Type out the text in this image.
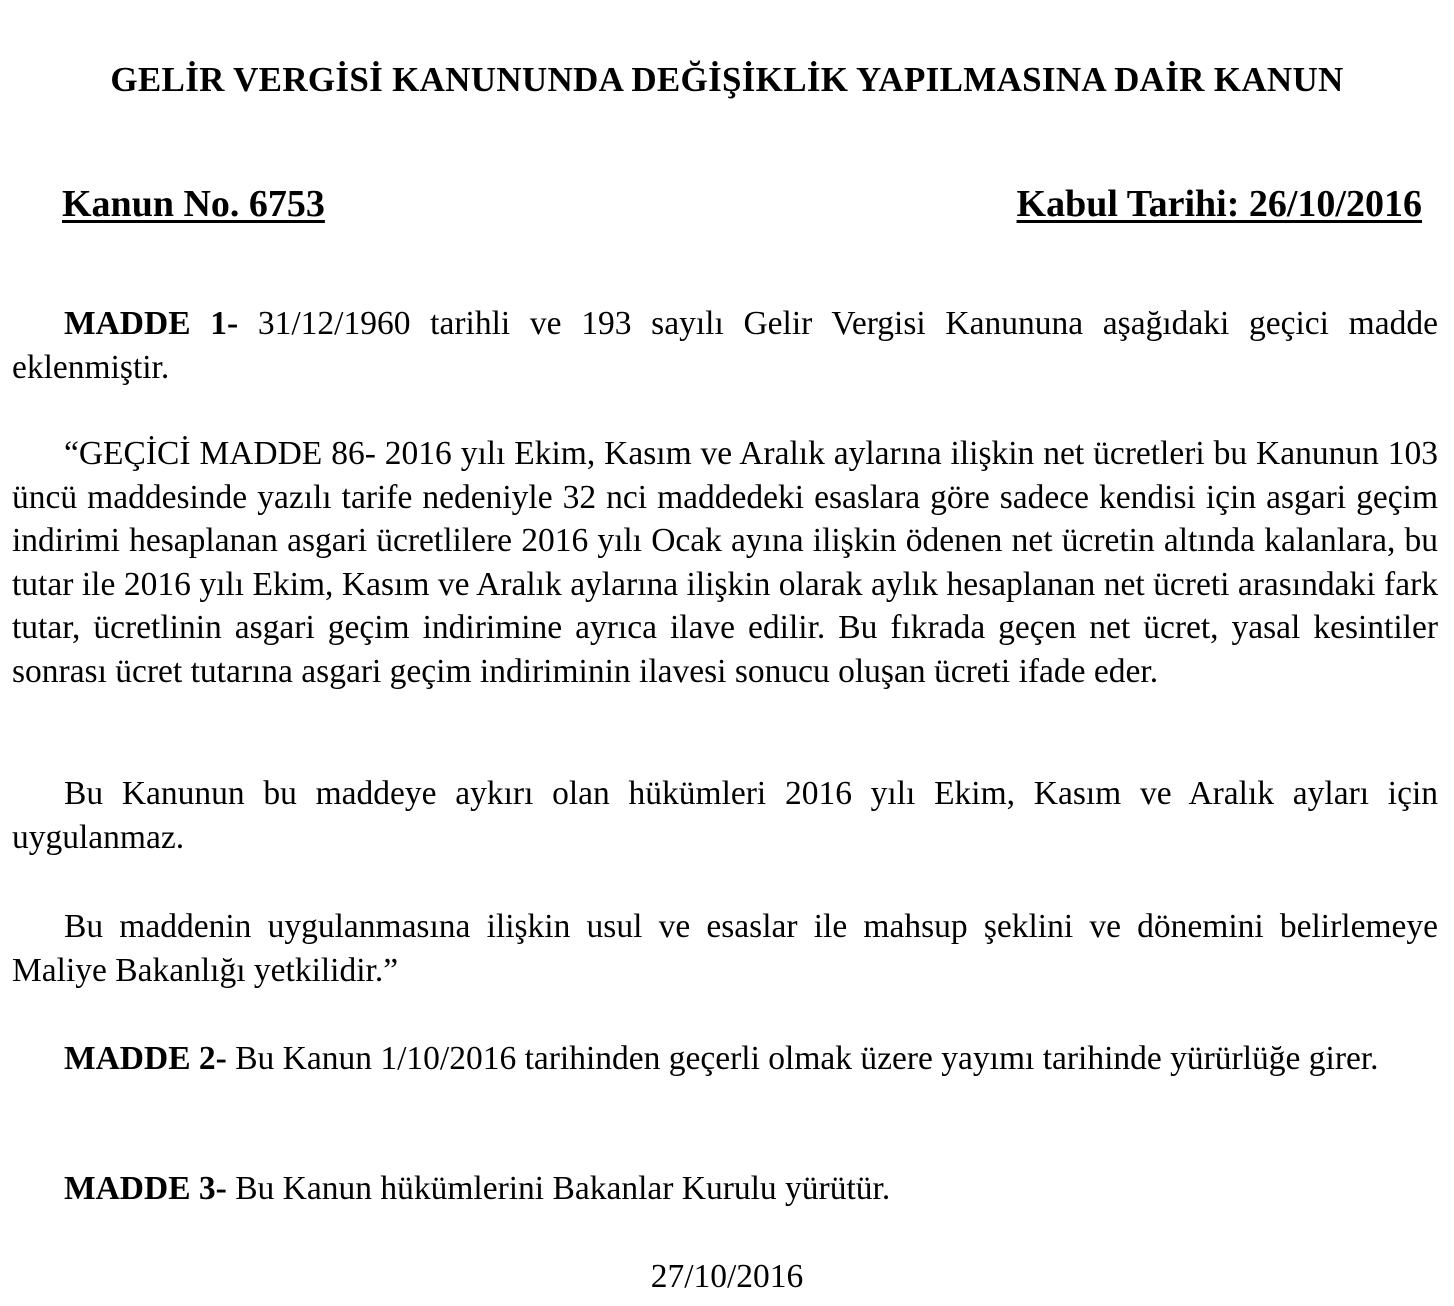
GELİR VERGİSİ KANUNUNDA DEĞİŞİKLİK YAPILMASINA DAİR KANUN
Kanun No. 6753	Kabul Tarihi: 26/10/2016

MADDE 1- 31/12/1960 tarihli ve 193 sayılı Gelir Vergisi Kanununa aşağıdaki geçici madde eklenmiştir.

“GEÇİCİ MADDE 86- 2016 yılı Ekim, Kasım ve Aralık aylarına ilişkin net ücretleri bu Kanunun 103 üncü maddesinde yazılı tarife nedeniyle 32 nci maddedeki esaslara göre sadece kendisi için asgari geçim indirimi hesaplanan asgari ücretlilere 2016 yılı Ocak ayına ilişkin ödenen net ücretin altında kalanlara, bu tutar ile 2016 yılı Ekim, Kasım ve Aralık aylarına ilişkin olarak aylık hesaplanan net ücreti arasındaki fark tutar, ücretlinin asgari geçim indirimine ayrıca ilave edilir. Bu fıkrada geçen net ücret, yasal kesintiler sonrası ücret tutarına asgari geçim indiriminin ilavesi sonucu oluşan ücreti ifade eder.

Bu Kanunun bu maddeye aykırı olan hükümleri 2016 yılı Ekim, Kasım ve Aralık ayları için uygulanmaz.

Bu maddenin uygulanmasına ilişkin usul ve esaslar ile mahsup şeklini ve dönemini belirlemeye Maliye Bakanlığı yetkilidir.”

MADDE 2- Bu Kanun 1/10/2016 tarihinden geçerli olmak üzere yayımı tarihinde yürürlüğe girer.

MADDE 3- Bu Kanun hükümlerini Bakanlar Kurulu yürütür.

27/10/2016
